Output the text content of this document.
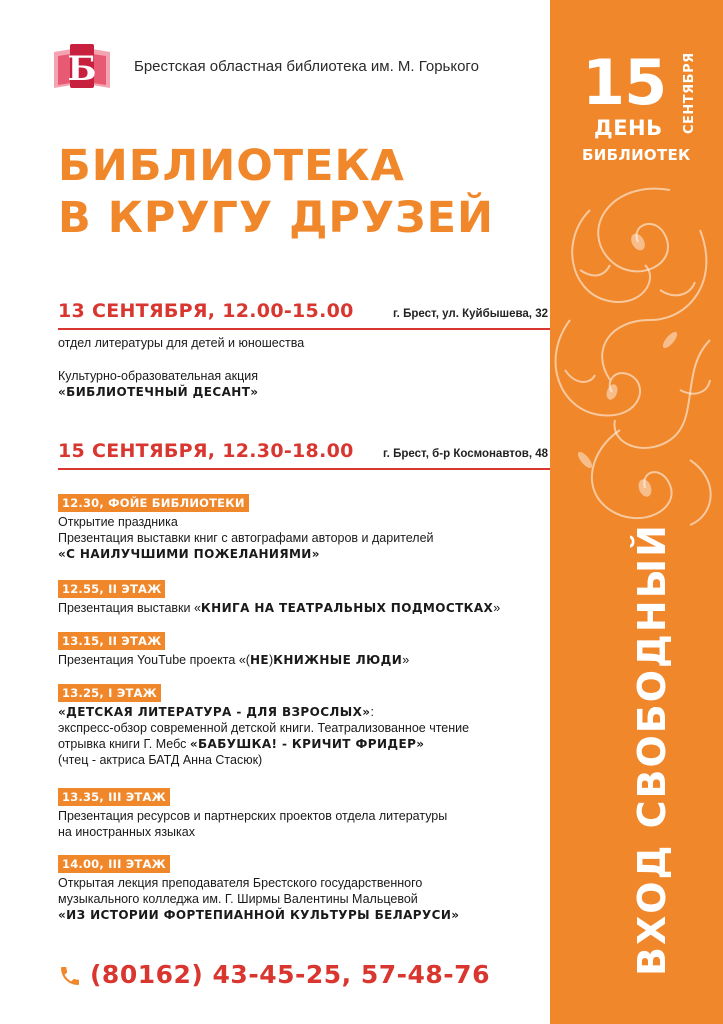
15 СЕНТЯБРЯ
ДЕНЬ
БИБЛИОТЕК
ВХОД СВОБОДНЫЙ
Б Брестская областная библиотека им. М. Горького
БИБЛИОТЕКА
В КРУГУ ДРУЗЕЙ
13 СЕНТЯБРЯ, 12.00-15.00	г. Брест, ул. Куйбышева, 32
отдел литературы для детей и юношества
Культурно-образовательная акция
«БИБЛИОТЕЧНЫЙ ДЕСАНТ»
15 СЕНТЯБРЯ, 12.30-18.00	г. Брест, б-р Космонавтов, 48
12.30, ФОЙЕ БИБЛИОТЕКИ
Открытие праздника
Презентация выставки книг с автографами авторов и дарителей
«С НАИЛУЧШИМИ ПОЖЕЛАНИЯМИ»
12.55, II ЭТАЖ
Презентация выставки «КНИГА НА ТЕАТРАЛЬНЫХ ПОДМОСТКАХ»
13.15, II ЭТАЖ
Презентация YouTube проекта «(НЕ)КНИЖНЫЕ ЛЮДИ»
13.25, I ЭТАЖ
«ДЕТСКАЯ ЛИТЕРАТУРА - ДЛЯ ВЗРОСЛЫХ»:
экспресс-обзор современной детской книги. Театрализованное чтение
отрывка книги Г. Мебс «БАБУШКА! - КРИЧИТ ФРИДЕР»
(чтец - актриса БАТД Анна Стасюк)
13.35, III ЭТАЖ
Презентация ресурсов и партнерских проектов отдела литературы
на иностранных языках
14.00, III ЭТАЖ
Открытая лекция преподавателя Брестского государственного
музыкального колледжа им. Г. Ширмы Валентины Мальцевой
«ИЗ ИСТОРИИ ФОРТЕПИАННОЙ КУЛЬТУРЫ БЕЛАРУСИ»
(80162) 43-45-25, 57-48-76
